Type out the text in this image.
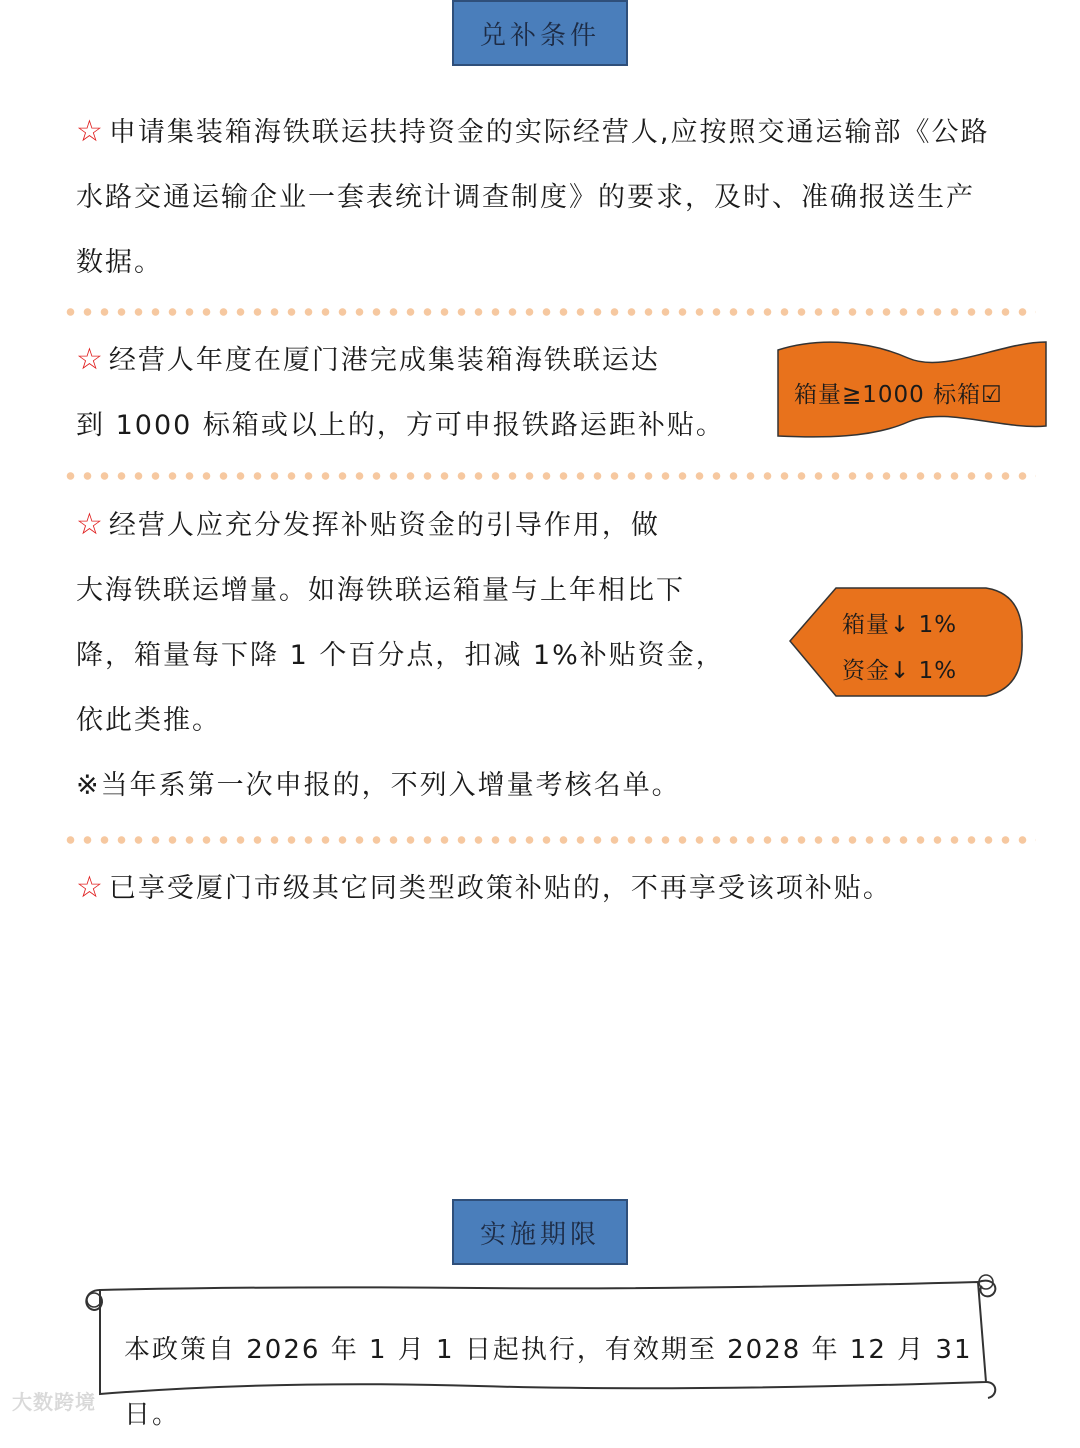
兑补条件

☆ 申请集装箱海铁联运扶持资金的实际经营人,应按照交通运输部《公路水路交通运输企业一套表统计调查制度》的要求，及时、准确报送生产数据。

☆ 经营人年度在厦门港完成集装箱海铁联运达
到 1000 标箱或以上的，方可申报铁路运距补贴。
箱量≧1000 标箱☑
☆ 经营人应充分发挥补贴资金的引导作用，做
大海铁联运增量。如海铁联运箱量与上年相比下
降，箱量每下降 1 个百分点，扣减 1%补贴资金，
依此类推。
※当年系第一次申报的，不列入增量考核名单。
箱量↓ 1%
资金↓ 1%

☆ 已享受厦门市级其它同类型政策补贴的，不再享受该项补贴。

实施期限
本政策自 2026 年 1 月 1 日起执行，有效期至 2028 年 12 月 31 日。
大数跨境
